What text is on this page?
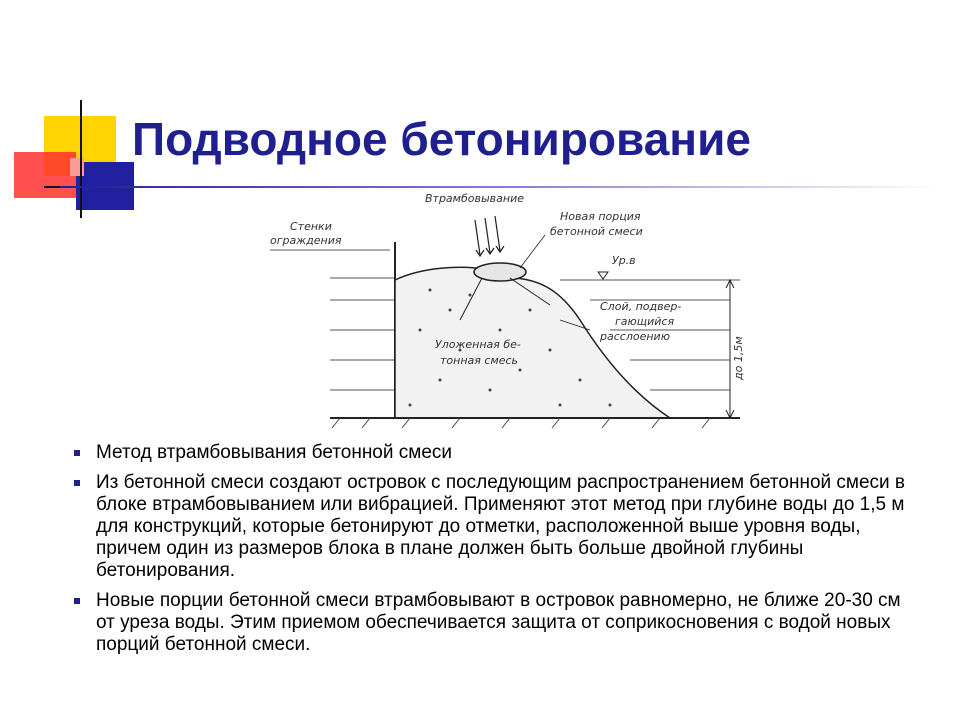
Подводное бетонирование
Втрамбовывание
Стенки
ограждения
Новая порция
бетонной смеси
Ур.в
Слой, подвер-
гающийся
расслоению
Уложенная бе-
тонная смесь	до 1,5м
Метод втрамбовывания бетонной смеси
Из бетонной смеси создают островок с последующим распространением бетонной смеси в блоке втрамбовыванием или вибрацией. Применяют этот метод при глубине воды до 1,5 м для конструкций, которые бетонируют до отметки, расположенной выше уровня воды, причем один из размеров блока в плане должен быть больше двойной глубины бетонирования.
Новые порции бетонной смеси втрамбовывают в островок равномерно, не ближе 20-30 см от уреза воды. Этим приемом обеспечивается защита от соприкосновения с водой новых порций бетонной смеси.
